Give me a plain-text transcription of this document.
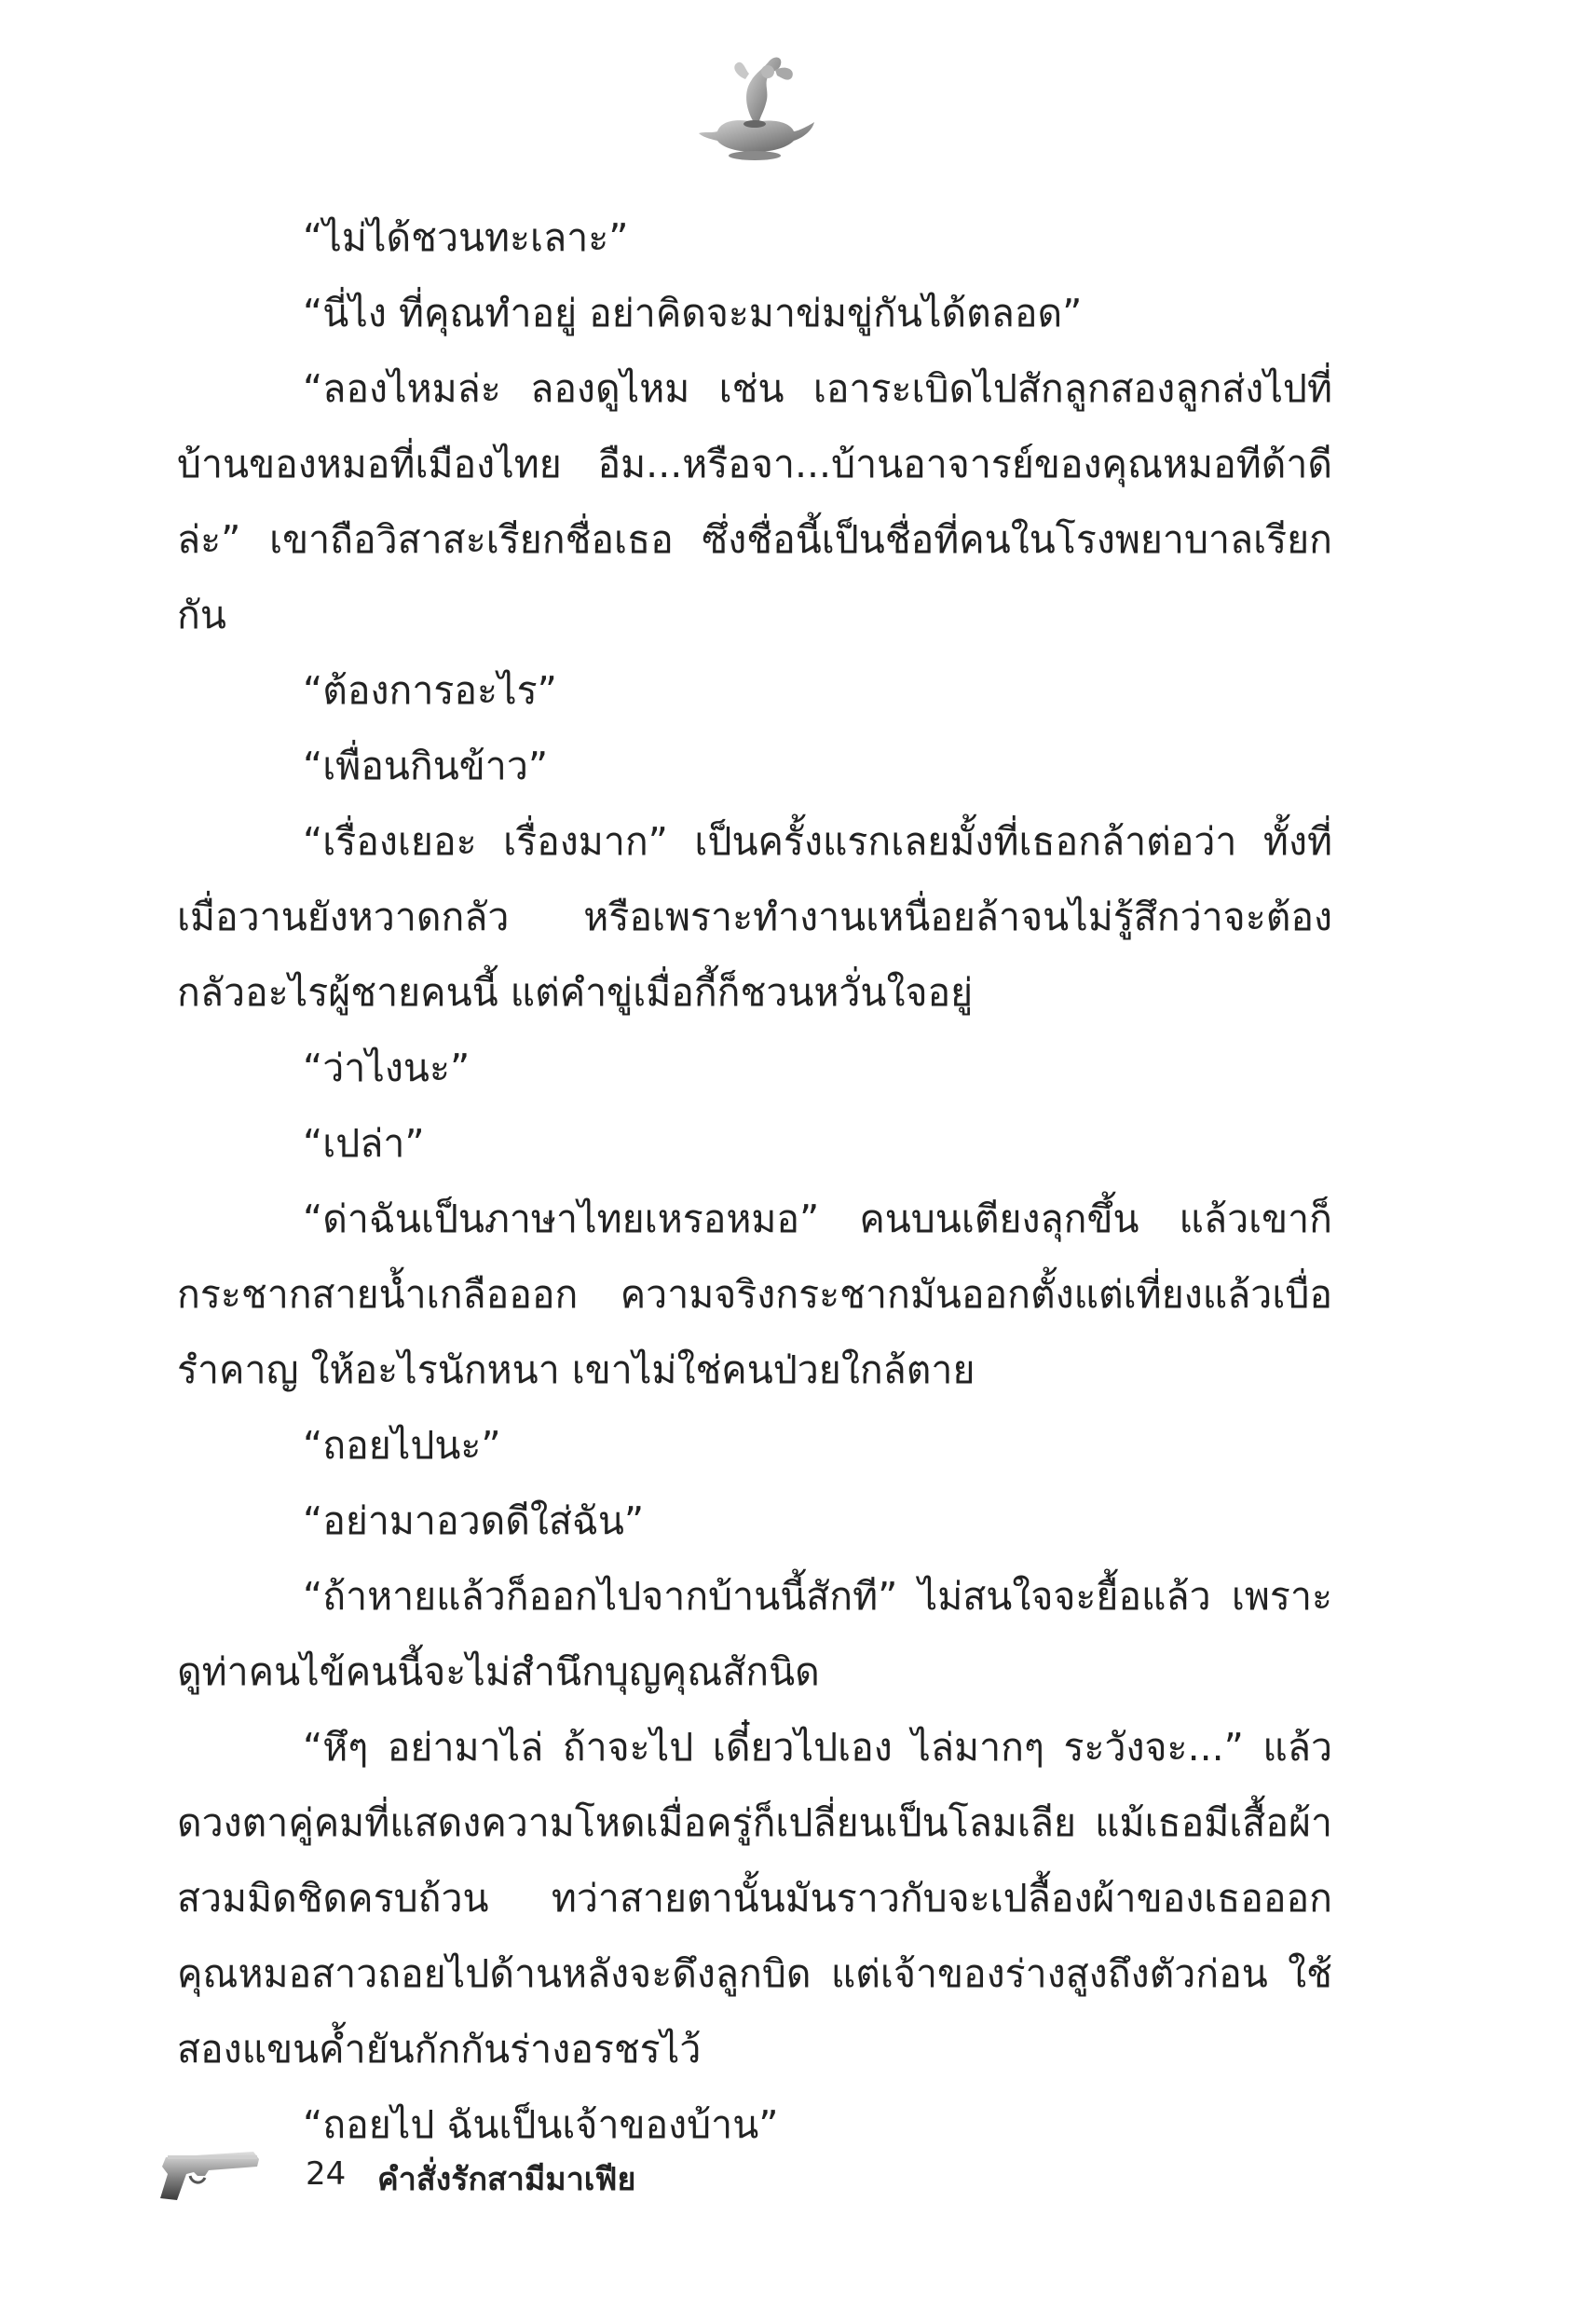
“ไม่ได้ชวนทะเลาะ”

“นี่ไง ที่คุณทำอยู่ อย่าคิดจะมาข่มขู่กันได้ตลอด”

“ลองไหมล่ะ ลองดูไหม เช่น เอาระเบิดไปสักลูกสองลูกส่งไปที่บ้านของหมอที่เมืองไทย อืม...หรือจา...บ้านอาจารย์ของคุณหมอทีด้าดีล่ะ” เขาถือวิสาสะเรียกชื่อเธอ ซึ่งชื่อนี้เป็นชื่อที่คนในโรงพยาบาลเรียกกัน

“ต้องการอะไร”

“เพื่อนกินข้าว”

“เรื่องเยอะ เรื่องมาก” เป็นครั้งแรกเลยมั้งที่เธอกล้าต่อว่า ทั้งที่เมื่อวานยังหวาดกลัว หรือเพราะทำงานเหนื่อยล้าจนไม่รู้สึกว่าจะต้องกลัวอะไรผู้ชายคนนี้ แต่คำขู่เมื่อกี้ก็ชวนหวั่นใจอยู่

“ว่าไงนะ”

“เปล่า”

“ด่าฉันเป็นภาษาไทยเหรอหมอ” คนบนเตียงลุกขึ้น แล้วเขาก็กระชากสายน้ำเกลือออก ความจริงกระชากมันออกตั้งแต่เที่ยงแล้วเบื่อ รำคาญ ให้อะไรนักหนา เขาไม่ใช่คนป่วยใกล้ตาย

“ถอยไปนะ”

“อย่ามาอวดดีใส่ฉัน”

“ถ้าหายแล้วก็ออกไปจากบ้านนี้สักที” ไม่สนใจจะยื้อแล้ว เพราะดูท่าคนไข้คนนี้จะไม่สำนึกบุญคุณสักนิด

“หึๆ อย่ามาไล่ ถ้าจะไป เดี๋ยวไปเอง ไล่มากๆ ระวังจะ...” แล้วดวงตาคู่คมที่แสดงความโหดเมื่อครู่ก็เปลี่ยนเป็นโลมเลีย แม้เธอมีเสื้อผ้าสวมมิดชิดครบถ้วน ทว่าสายตานั้นมันราวกับจะเปลื้องผ้าของเธอออก คุณหมอสาวถอยไปด้านหลังจะดึงลูกบิด แต่เจ้าของร่างสูงถึงตัวก่อน ใช้สองแขนค้ำยันกักกันร่างอรชรไว้

“ถอยไป ฉันเป็นเจ้าของบ้าน”

24 คำสั่งรักสามีมาเฟีย
